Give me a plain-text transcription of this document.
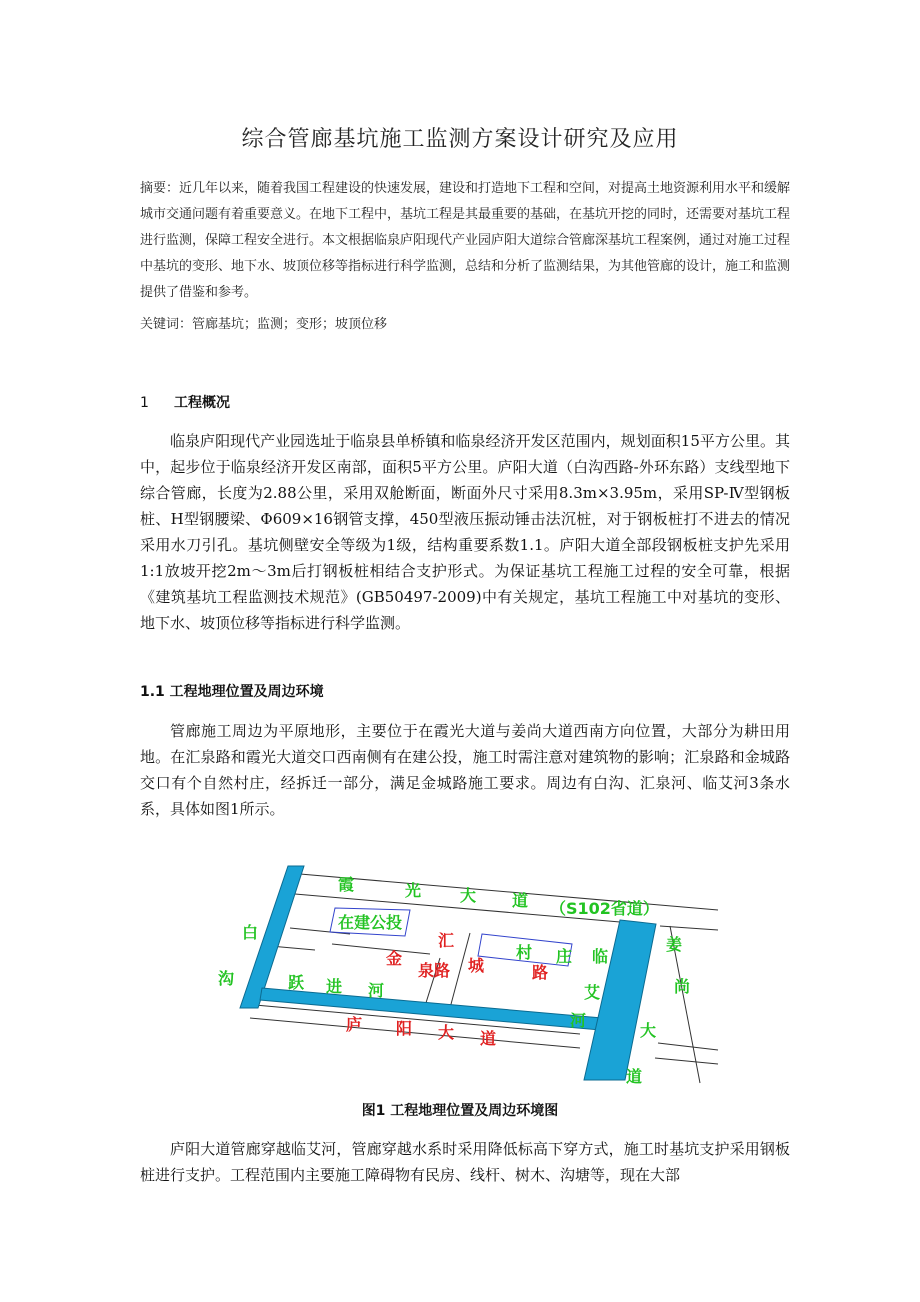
综合管廊基坑施工监测方案设计研究及应用
摘要：近几年以来，随着我国工程建设的快速发展，建设和打造地下工程和空间，对提高土地资源利用水平和缓解城市交通问题有着重要意义。在地下工程中，基坑工程是其最重要的基础，在基坑开挖的同时，还需要对基坑工程进行监测，保障工程安全进行。本文根据临泉庐阳现代产业园庐阳大道综合管廊深基坑工程案例，通过对施工过程中基坑的变形、地下水、坡顶位移等指标进行科学监测，总结和分析了监测结果，为其他管廊的设计，施工和监测提供了借鉴和参考。
关键词：管廊基坑；监测；变形；坡顶位移
1 工程概况
临泉庐阳现代产业园选址于临泉县单桥镇和临泉经济开发区范围内，规划面积15平方公里。其中，起步位于临泉经济开发区南部，面积5平方公里。庐阳大道（白沟西路-外环东路）支线型地下综合管廊，长度为2.88公里，采用双舱断面，断面外尺寸采用8.3m×3.95m，采用SP-Ⅳ型钢板桩、H型钢腰梁、Φ609×16钢管支撑，450型液压振动锤击法沉桩，对于钢板桩打不进去的情况采用水刀引孔。基坑侧壁安全等级为1级，结构重要系数1.1。庐阳大道全部段钢板桩支护先采用1:1放坡开挖2m～3m后打钢板桩相结合支护形式。为保证基坑工程施工过程的安全可靠，根据《建筑基坑工程监测技术规范》(GB50497-2009)中有关规定，基坑工程施工中对基坑的变形、地下水、坡顶位移等指标进行科学监测。
1.1 工程地理位置及周边环境
管廊施工周边为平原地形，主要位于在霞光大道与姜尚大道西南方向位置，大部分为耕田用地。在汇泉路和霞光大道交口西南侧有在建公投，施工时需注意对建筑物的影响；汇泉路和金城路交口有个自然村庄，经拆迁一部分，满足金城路施工要求。周边有白沟、汇泉河、临艾河3条水系，具体如图1所示。
霞	光 大 道 （S102省道）
白
沟
姜
尚
大
道
在建公投
村 庄
汇
泉路
金	城	路
跃 进 河
庐 阳 大 道
临
艾
河
图1 工程地理位置及周边环境图
庐阳大道管廊穿越临艾河，管廊穿越水系时采用降低标高下穿方式，施工时基坑支护采用钢板桩进行支护。工程范围内主要施工障碍物有民房、线杆、树木、沟塘等，现在大部
